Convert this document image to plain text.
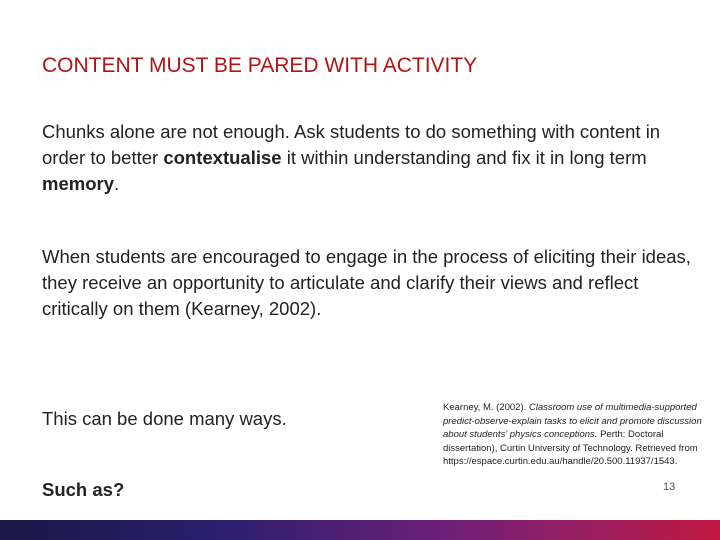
CONTENT MUST BE PARED WITH ACTIVITY
Chunks alone are not enough. Ask students to do something with content in order to better contextualise it within understanding and fix it in long term memory.
When students are encouraged to engage in the process of eliciting their ideas, they receive an opportunity to articulate and clarify their views and reflect critically on them (Kearney, 2002).
This can be done many ways.
Such as?
Kearney, M. (2002). Classroom use of multimedia-supported predict-observe-explain tasks to elicit and promote discussion about students' physics conceptions. Perth: Doctoral dissertation), Curtin University of Technology. Retrieved from https://espace.curtin.edu.au/handle/20.500.11937/1543.
13
